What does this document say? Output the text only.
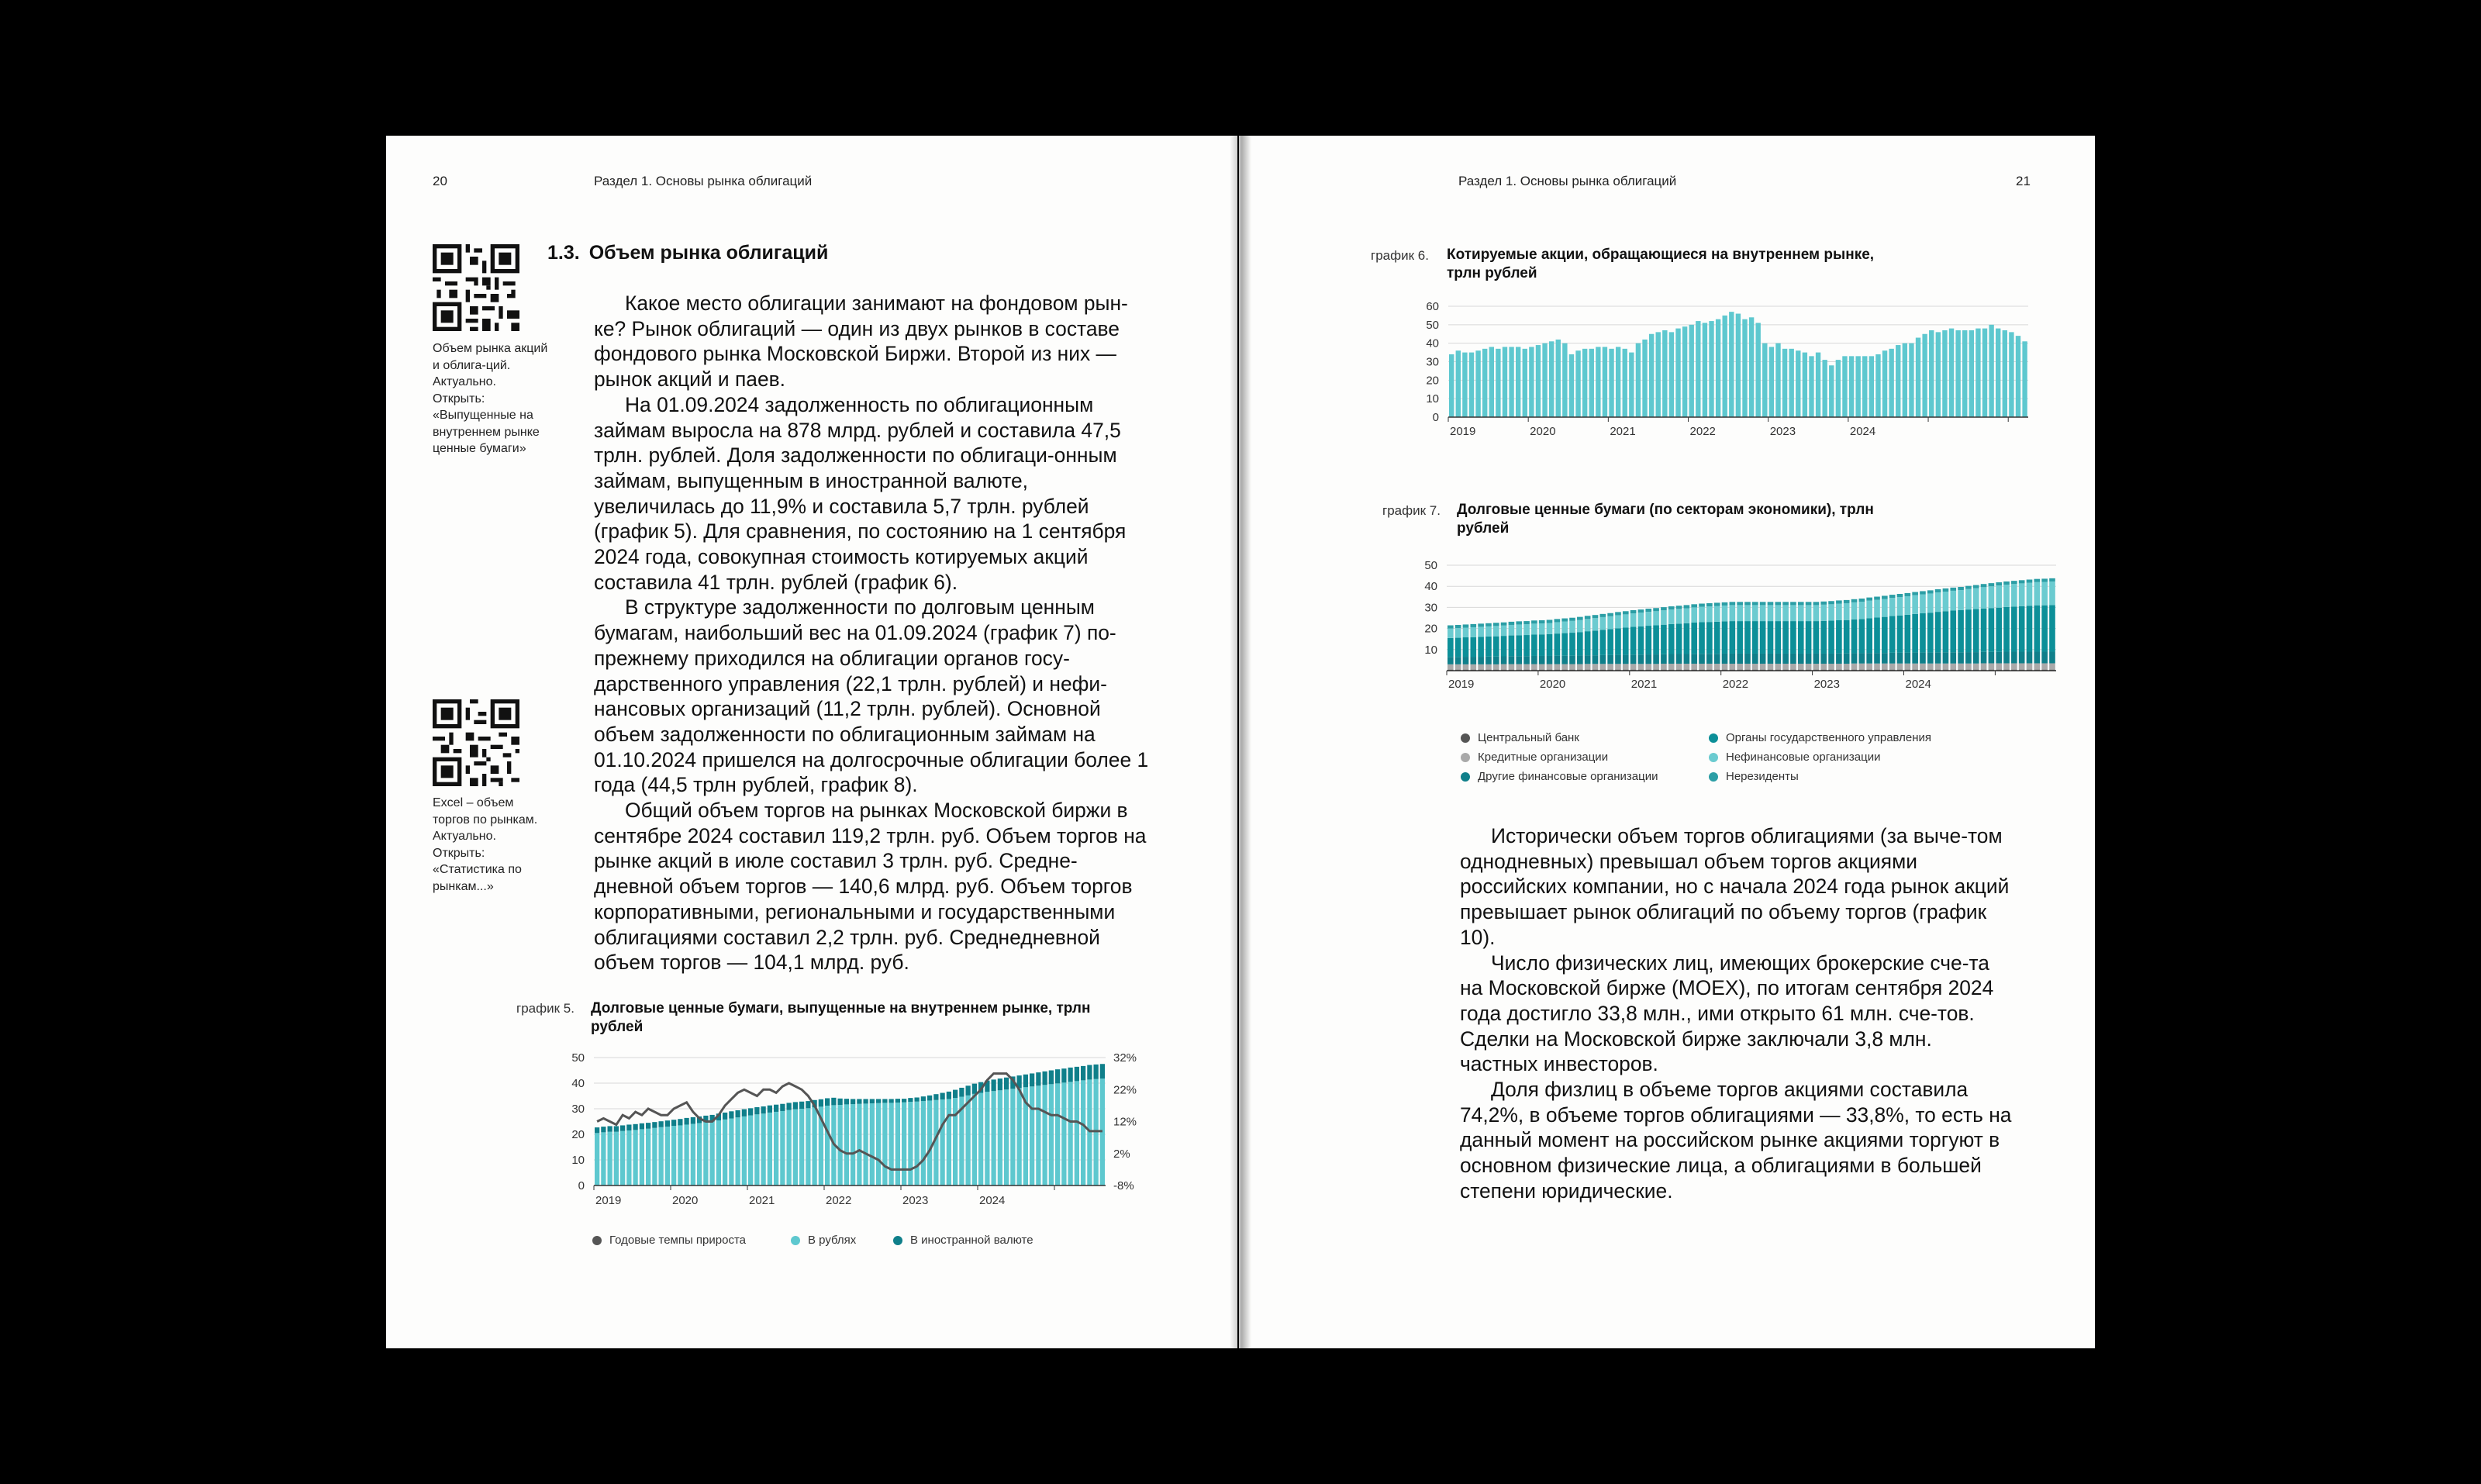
20	Раздел 1. Основы рынка облигаций
Объем рынка акций и облига-ций. Актуально. Открыть: «Выпущенные на внутреннем рынке ценные бумаги»
Excel – объем торгов по рынкам. Актуально. Открыть: «Статистика по рынкам...»
1.3. Объем рынка облигаций

Какое место облигации занимают на фондовом рын-ке? Рынок облигаций — один из двух рынков в составе фондового рынка Московской Биржи. Второй из них — рынок акций и паев.

На 01.09.2024 задолженность по облигационным займам выросла на 878 млрд. рублей и составила 47,5 трлн. рублей. Доля задолженности по облигаци-онным займам, выпущенным в иностранной валюте, увеличилась до 11,9% и составила 5,7 трлн. рублей (график 5). Для сравнения, по состоянию на 1 сентября 2024 года, совокупная стоимость котируемых акций составила 41 трлн. рублей (график 6).

В структуре задолженности по долговым ценным бумагам, наибольший вес на 01.09.2024 (график 7) по-прежнему приходился на облигации органов госу-дарственного управления (22,1 трлн. рублей) и нефи-нансовых организаций (11,2 трлн. рублей). Основной объем задолженности по облигационным займам на 01.10.2024 пришелся на долгосрочные облигации более 1 года (44,5 трлн рублей, график 8).

Общий объем торгов на рынках Московской биржи в сентябре 2024 составил 119,2 трлн. руб. Объем торгов на рынке акций в июле составил 3 трлн. руб. Средне-дневной объем торгов — 140,6 млрд. руб. Объем торгов корпоративными, региональными и государственными облигациями составил 2,2 трлн. руб. Среднедневной объем торгов — 104,1 млрд. руб.

график 5. Долговые ценные бумаги, выпущенные на внутреннем рынке, трлн рублей
0
10
20
30
40
50
-8%
2%
12%
22%
32%
2019	2020	2021	2022	2023	2024
Годовые темпы прироста	В рублях	В иностранной валюте
Раздел 1. Основы рынка облигаций	21
график 6. Котируемые акции, обращающиеся на внутреннем рынке, трлн рублей
0
10
20
30
40
50
60
2019	2020	2021	2022	2023	2024
график 7. Долговые ценные бумаги (по секторам экономики), трлн рублей
10
20
30
40
50
2019	2020	2021	2022	2023	2024
Центральный банк
Кредитные организации
Другие финансовые организации
Органы государственного управления
Нефинансовые организации
Нерезиденты

Исторически объем торгов облигациями (за выче-том однодневных) превышал объем торгов акциями российских компании, но с начала 2024 года рынок акций превышает рынок облигаций по объему торгов (график 10).

Число физических лиц, имеющих брокерские сче-та на Московской бирже (MOEX), по итогам сентября 2024 года достигло 33,8 млн., ими открыто 61 млн. сче-тов. Сделки на Московской бирже заключали 3,8 млн. частных инвесторов.

Доля физлиц в объеме торгов акциями составила 74,2%, в объеме торгов облигациями — 33,8%, то есть на данный момент на российском рынке акциями торгуют в основном физические лица, а облигациями в большей степени юридические.
